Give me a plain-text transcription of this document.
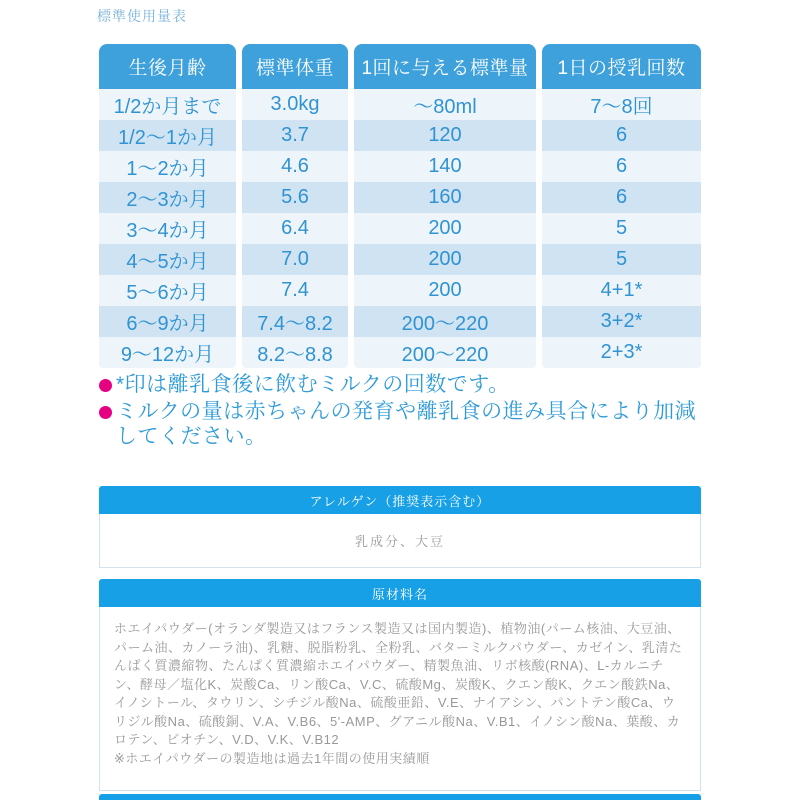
標準使用量表
生後月齢	標準体重	1回に与える標準量	1日の授乳回数
1/2か月まで	3.0kg	～80ml	7～8回
1/2～1か月	3.7	120	6
1～2か月	4.6	140	6
2～3か月	5.6	160	6
3～4か月	6.4	200	5
4～5か月	7.0	200	5
5～6か月	7.4	200	4+1*
6～9か月	7.4～8.2	200～220	3+2*
9～12か月	8.2～8.8	200～220	2+3*
*印は離乳食後に飲むミルクの回数です。
ミルクの量は赤ちゃんの発育や離乳食の進み具合により加減してください。
アレルゲン（推奨表示含む）
乳成分、大豆
原材料名

ホエイパウダー(オランダ製造又はフランス製造又は国内製造)、植物油(パーム核油、大豆油、パーム油、カノーラ油)、乳糖、脱脂粉乳、全粉乳、バターミルクパウダー、カゼイン、乳清たんぱく質濃縮物、たんぱく質濃縮ホエイパウダー、精製魚油、リボ核酸(RNA)、L-カルニチン、酵母／塩化K、炭酸Ca、リン酸Ca、V.C、硫酸Mg、炭酸K、クエン酸K、クエン酸鉄Na、イノシトール、タウリン、シチジル酸Na、硫酸亜鉛、V.E、ナイアシン、パントテン酸Ca、ウリジル酸Na、硫酸銅、V.A、V.B6、5'-AMP、グアニル酸Na、V.B1、イノシン酸Na、葉酸、カロテン、ビオチン、V.D、V.K、V.B12

※ホエイパウダーの製造地は過去1年間の使用実績順
